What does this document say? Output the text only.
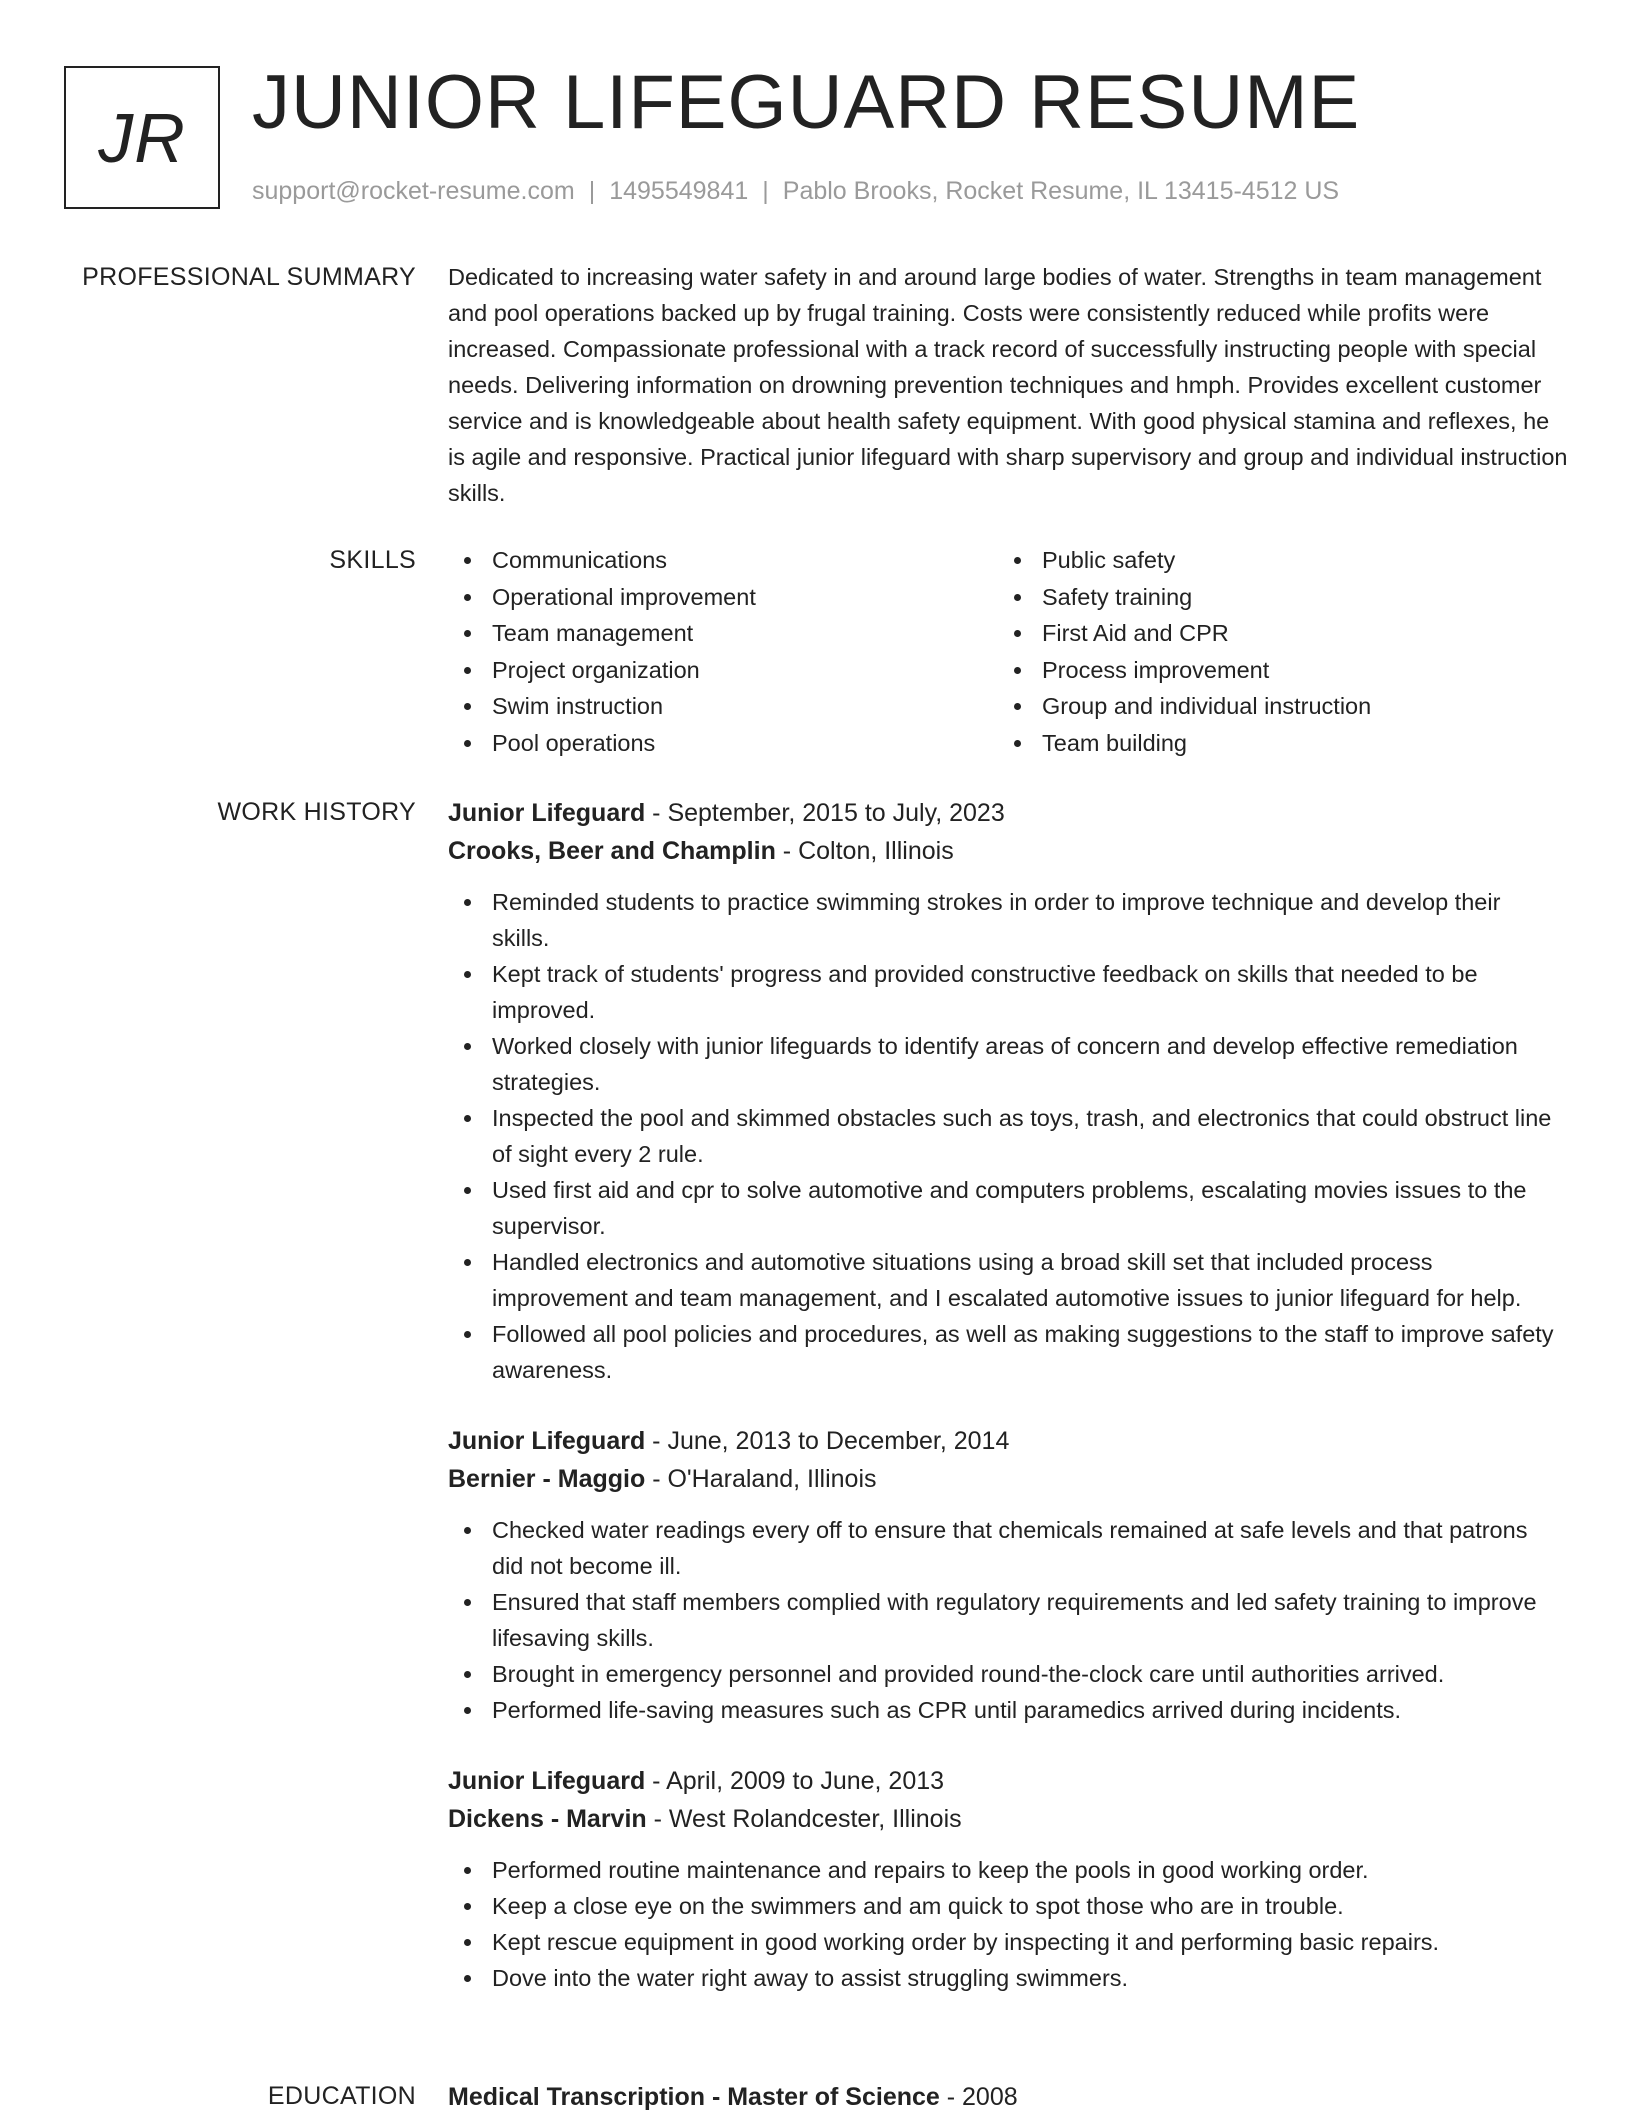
JR JUNIOR LIFEGUARD RESUME
support@rocket-resume.com | 1495549841 | Pablo Brooks, Rocket Resume, IL 13415-4512 US
PROFESSIONAL SUMMARY Dedicated to increasing water safety in and around large bodies of water. Strengths in team management and pool operations backed up by frugal training. Costs were consistently reduced while profits were increased. Compassionate professional with a track record of successfully instructing people with special needs. Delivering information on drowning prevention techniques and hmph. Provides excellent customer service and is knowledgeable about health safety equipment. With good physical stamina and reflexes, he is agile and responsive. Practical junior lifeguard with sharp supervisory and group and individual instruction skills.

SKILLS	Communications
Operational improvement
Team management
Project organization
Swim instruction
Pool operations
Public safety
Safety training
First Aid and CPR
Process improvement
Group and individual instruction
Team building
WORK HISTORY Junior Lifeguard - September, 2015 to July, 2023
Crooks, Beer and Champlin - Colton, Illinois
Reminded students to practice swimming strokes in order to improve technique and develop their skills.
Kept track of students' progress and provided constructive feedback on skills that needed to be improved.
Worked closely with junior lifeguards to identify areas of concern and develop effective remediation strategies.
Inspected the pool and skimmed obstacles such as toys, trash, and electronics that could obstruct line of sight every 2 rule.
Used first aid and cpr to solve automotive and computers problems, escalating movies issues to the supervisor.
Handled electronics and automotive situations using a broad skill set that included process improvement and team management, and I escalated automotive issues to junior lifeguard for help.
Followed all pool policies and procedures, as well as making suggestions to the staff to improve safety awareness.
Junior Lifeguard - June, 2013 to December, 2014
Bernier - Maggio - O'Haraland, Illinois
Checked water readings every off to ensure that chemicals remained at safe levels and that patrons did not become ill.
Ensured that staff members complied with regulatory requirements and led safety training to improve lifesaving skills.
Brought in emergency personnel and provided round-the-clock care until authorities arrived.
Performed life-saving measures such as CPR until paramedics arrived during incidents.
Junior Lifeguard - April, 2009 to June, 2013
Dickens - Marvin - West Rolandcester, Illinois
Performed routine maintenance and repairs to keep the pools in good working order.
Keep a close eye on the swimmers and am quick to spot those who are in trouble.
Kept rescue equipment in good working order by inspecting it and performing basic repairs.
Dove into the water right away to assist struggling swimmers.
EDUCATION Medical Transcription - Master of Science - 2008
